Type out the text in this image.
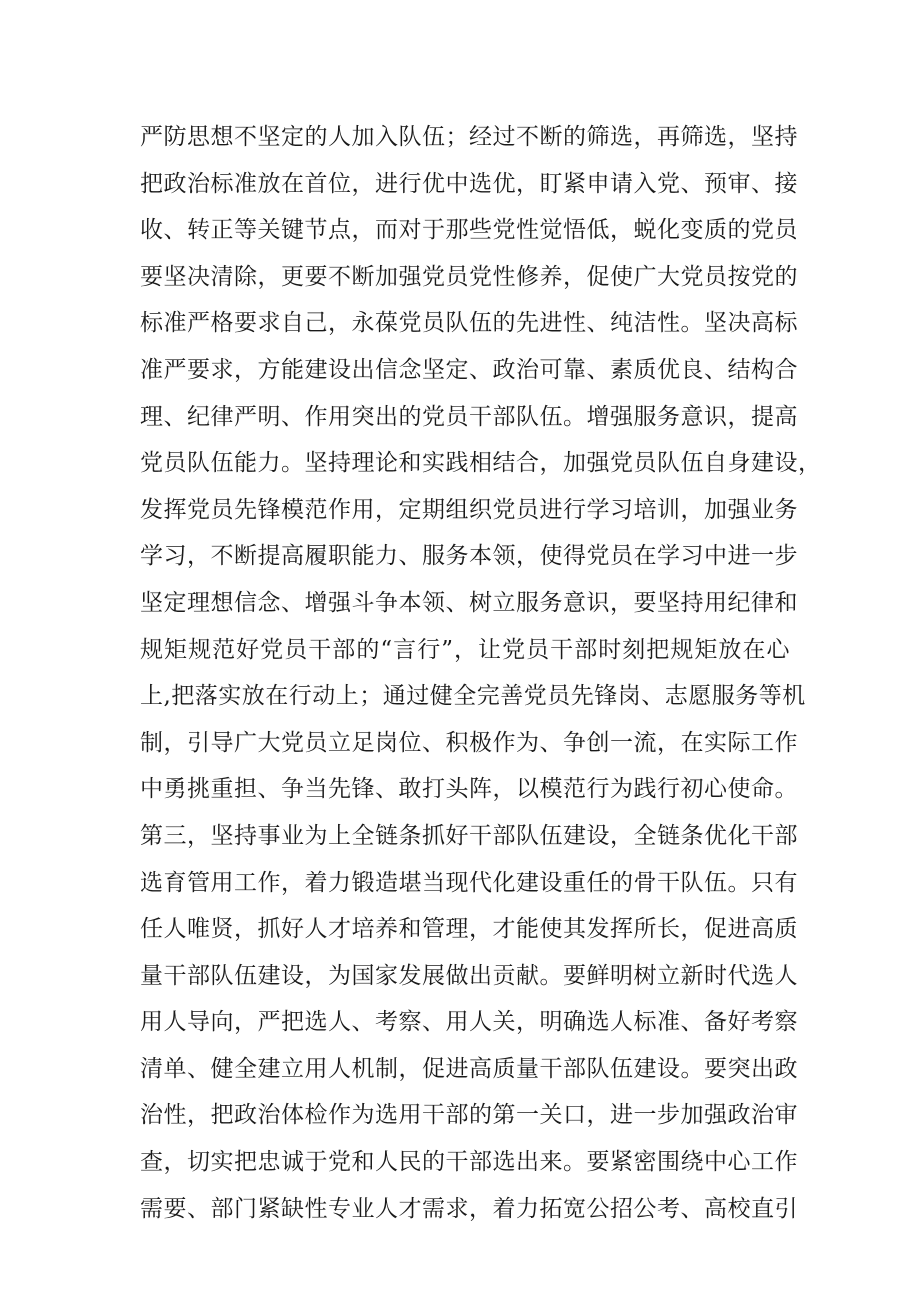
严防思想不坚定的人加入队伍；经过不断的筛选，再筛选，坚持
把政治标准放在首位，进行优中选优，盯紧申请入党、预审、接
收、转正等关键节点，而对于那些党性觉悟低，蜕化变质的党员
要坚决清除，更要不断加强党员党性修养，促使广大党员按党的
标准严格要求自己，永葆党员队伍的先进性、纯洁性。坚决高标
准严要求，方能建设出信念坚定、政治可靠、素质优良、结构合
理、纪律严明、作用突出的党员干部队伍。增强服务意识，提高
党员队伍能力。坚持理论和实践相结合，加强党员队伍自身建设，
发挥党员先锋模范作用，定期组织党员进行学习培训，加强业务
学习，不断提高履职能力、服务本领，使得党员在学习中进一步
坚定理想信念、增强斗争本领、树立服务意识，要坚持用纪律和
规矩规范好党员干部的“言行”，让党员干部时刻把规矩放在心
上,把落实放在行动上；通过健全完善党员先锋岗、志愿服务等机
制，引导广大党员立足岗位、积极作为、争创一流，在实际工作
中勇挑重担、争当先锋、敢打头阵，以模范行为践行初心使命。
第三，坚持事业为上全链条抓好干部队伍建设，全链条优化干部
选育管用工作，着力锻造堪当现代化建设重任的骨干队伍。只有
任人唯贤，抓好人才培养和管理，才能使其发挥所长，促进高质
量干部队伍建设，为国家发展做出贡献。要鲜明树立新时代选人
用人导向，严把选人、考察、用人关，明确选人标准、备好考察
清单、健全建立用人机制，促进高质量干部队伍建设。要突出政
治性，把政治体检作为选用干部的第一关口，进一步加强政治审
查，切实把忠诚于党和人民的干部选出来。要紧密围绕中心工作
需要、部门紧缺性专业人才需求，着力拓宽公招公考、高校直引
